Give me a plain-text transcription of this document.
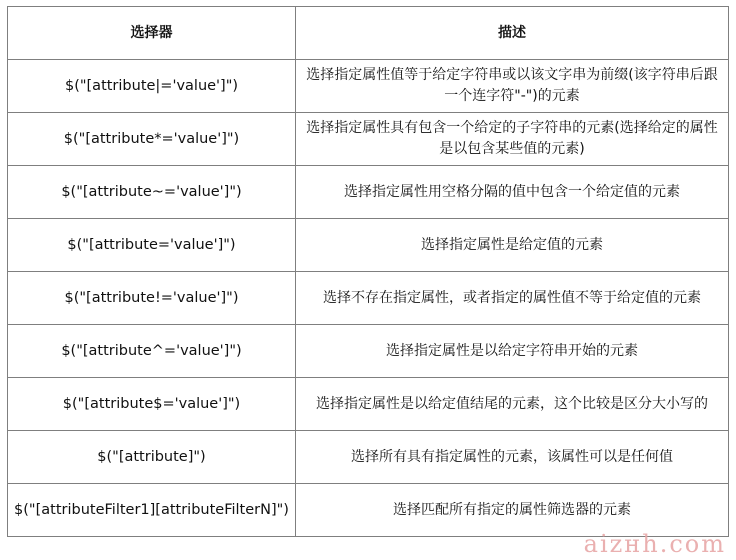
选择器	描述
$("[attribute|='value']")	选择指定属性值等于给定字符串或以该文字串为前缀(该字符串后跟一个连字符"-")的元素
$("[attribute*='value']")	选择指定属性具有包含一个给定的子字符串的元素(选择给定的属性是以包含某些值的元素)
$("[attribute~='value']")	选择指定属性用空格分隔的值中包含一个给定值的元素
$("[attribute='value']")	选择指定属性是给定值的元素
$("[attribute!='value']")	选择不存在指定属性，或者指定的属性值不等于给定值的元素
$("[attribute^='value']")	选择指定属性是以给定字符串开始的元素
$("[attribute$='value']")	选择指定属性是以给定值结尾的元素，这个比较是区分大小写的
$("[attribute]")	选择所有具有指定属性的元素，该属性可以是任何值
$("[attributeFilter1][attributeFilterN]")	选择匹配所有指定的属性筛选器的元素
aizнh.com
